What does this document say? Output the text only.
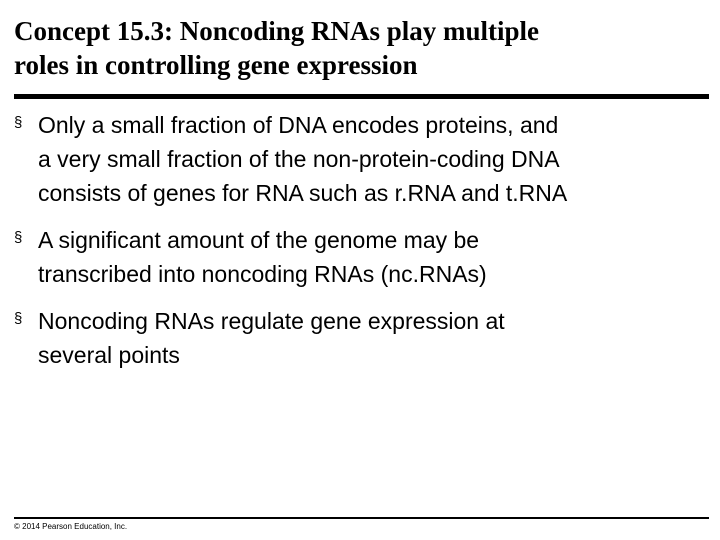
Concept 15.3: Noncoding RNAs play multiple
roles in controlling gene expression
§ Only a small fraction of DNA encodes proteins, and
a very small fraction of the non-protein-coding DNA
consists of genes for RNA such as r.RNA and t.RNA
§ A significant amount of the genome may be
transcribed into noncoding RNAs (nc.RNAs)
§ Noncoding RNAs regulate gene expression at
several points
© 2014 Pearson Education, Inc.
